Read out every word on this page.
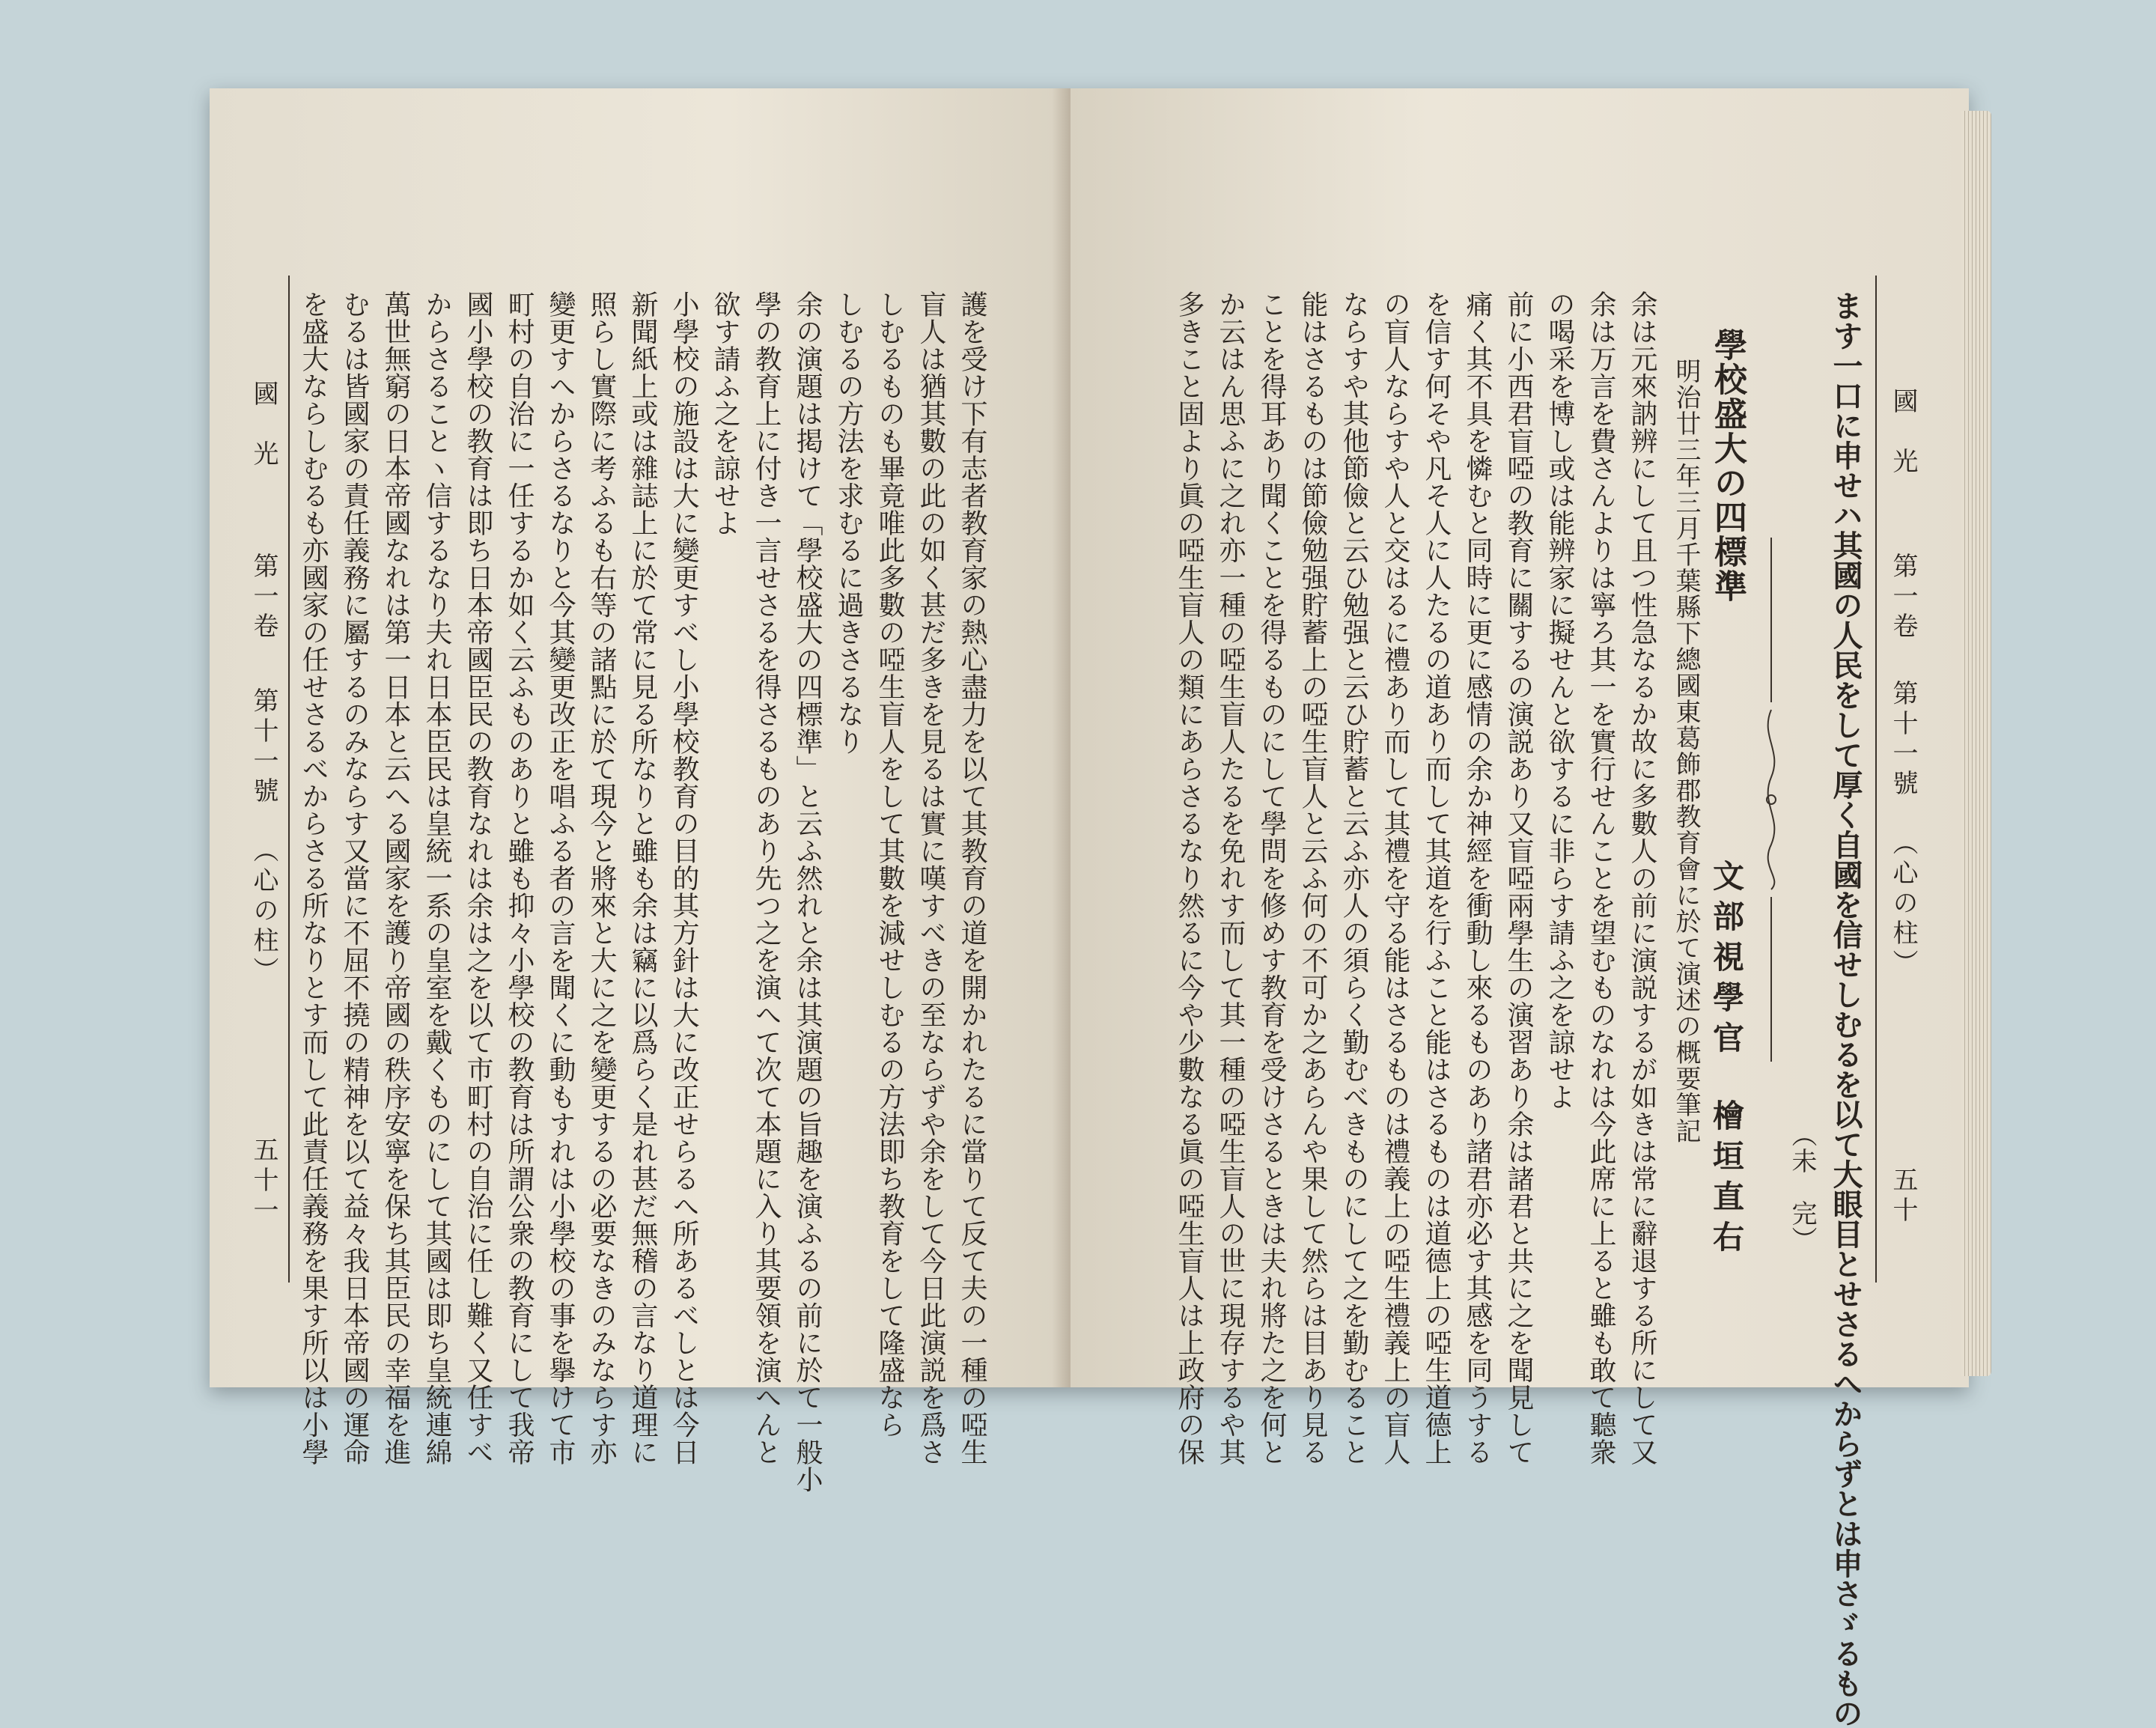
護を受け下有志者教育家の熱心盡力を以て其教育の道を開かれたるに當りて反て夫の一種の啞生
盲人は猶其數の此の如く甚だ多きを見るは實に嘆すべきの至ならずや余をして今日此演説を爲さ
しむるものも畢竟唯此多數の啞生盲人をして其數を減せしむるの方法即ち教育をして隆盛なら
しむるの方法を求むるに過きさるなり
余の演題は掲けて「學校盛大の四標準」と云ふ然れと余は其演題の旨趣を演ふるの前に於て一般小
學の教育上に付き一言せさるを得さるものあり先つ之を演へて次て本題に入り其要領を演へんと
欲す請ふ之を諒せよ
小學校の施設は大に變更すべし小學校教育の目的其方針は大に改正せらるへ所あるべしとは今日
新聞紙上或は雜誌上に於て常に見る所なりと雖も余は竊に以爲らく是れ甚だ無稽の言なり道理に
照らし實際に考ふるも右等の諸點に於て現今と將來と大に之を變更するの必要なきのみならす亦
變更すへからさるなりと今其變更改正を唱ふる者の言を聞くに動もすれは小學校の事を擧けて市
町村の自治に一任するか如く云ふものありと雖も抑々小學校の教育は所謂公衆の教育にして我帝
國小學校の教育は即ち日本帝國臣民の教育なれは余は之を以て市町村の自治に任し難く又任すべ
からさることヽ信するなり夫れ日本臣民は皇統一系の皇室を戴くものにして其國は即ち皇統連綿
萬世無窮の日本帝國なれは第一日本と云へる國家を護り帝國の秩序安寧を保ち其臣民の幸福を進
むるは皆國家の責任義務に屬するのみならす又當に不屈不撓の精神を以て益々我日本帝國の運命
を盛大ならしむるも亦國家の任せさるべからさる所なりとす而して此責任義務を果す所以は小學
國　光
第一卷
第十一號
（心の柱）
五十一
國　光
第一卷
第十一號
（心の柱）
五十
ます一口に申せハ其國の人民をして厚く自國を信せしむるを以て大眼目とせさるへからずとは申さゞるもの
（未　完）
學校盛大の四標準
文部視學官
檜垣直右
明治廿三年三月千葉縣下總國東葛飾郡教育會に於て演述の概要筆記
余は元來訥辨にして且つ性急なるか故に多數人の前に演説するが如きは常に辭退する所にして又
余は万言を費さんよりは寧ろ其一を實行せんことを望むものなれは今此席に上ると雖も敢て聽衆
の喝采を博し或は能辨家に擬せんと欲するに非らす請ふ之を諒せよ
前に小西君盲啞の教育に關するの演説あり又盲啞兩學生の演習あり余は諸君と共に之を聞見して
痛く其不具を憐むと同時に更に感情の余か神經を衝動し來るものあり諸君亦必す其感を同うする
を信す何そや凡そ人に人たるの道あり而して其道を行ふこと能はさるものは道德上の啞生道德上
の盲人ならすや人と交はるに禮あり而して其禮を守る能はさるものは禮義上の啞生禮義上の盲人
ならすや其他節儉と云ひ勉强と云ひ貯蓄と云ふ亦人の須らく勤むべきものにして之を勤むること
能はさるものは節儉勉强貯蓄上の啞生盲人と云ふ何の不可か之あらんや果して然らは目あり見る
ことを得耳あり聞くことを得るものにして學問を修めす教育を受けさるときは夫れ將た之を何と
か云はん思ふに之れ亦一種の啞生盲人たるを免れす而して其一種の啞生盲人の世に現存するや其
多きこと固より眞の啞生盲人の類にあらさるなり然るに今や少數なる眞の啞生盲人は上政府の保
